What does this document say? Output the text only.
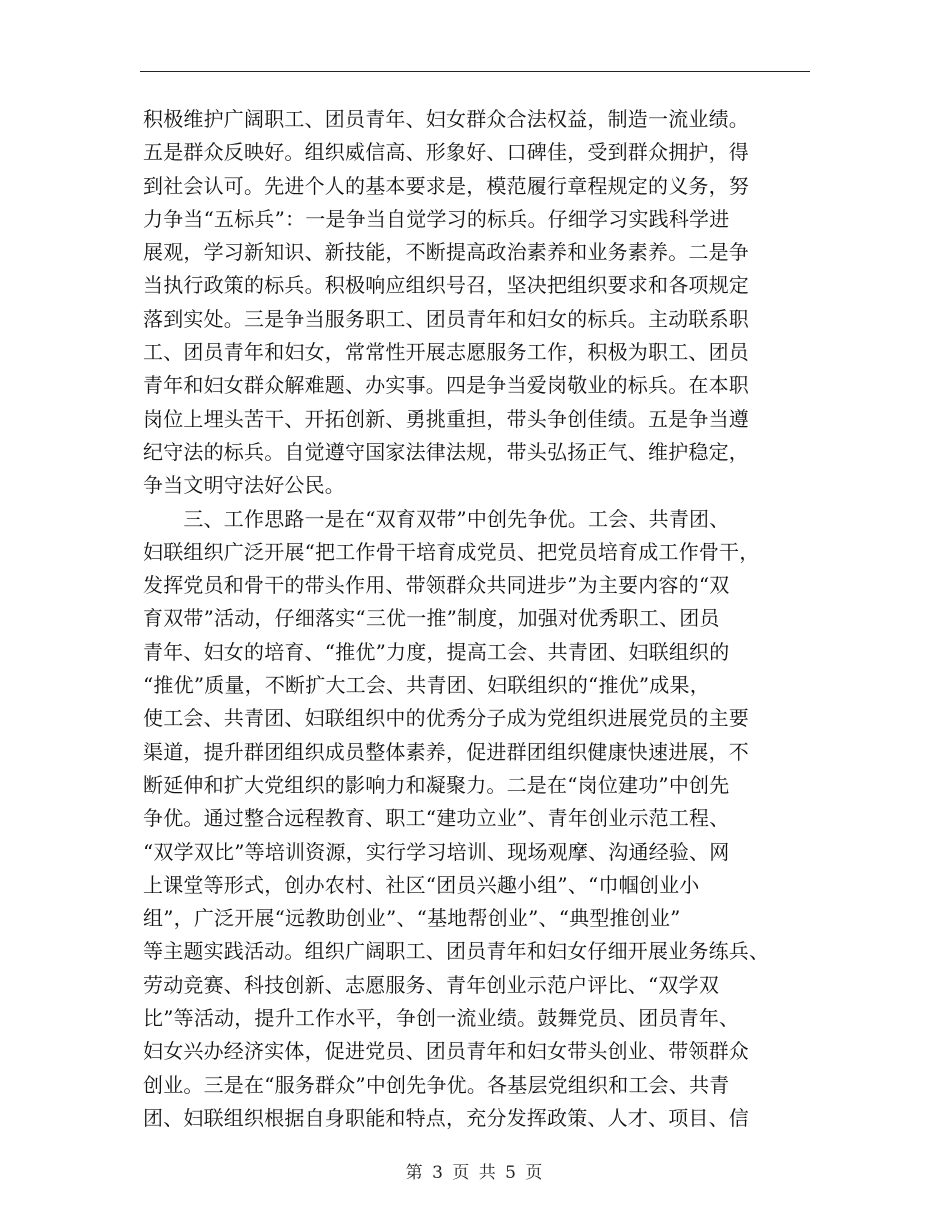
积极维护广阔职工、团员青年、妇女群众合法权益，制造一流业绩。
五是群众反映好。组织威信高、形象好、口碑佳，受到群众拥护，得
到社会认可。先进个人的基本要求是，模范履行章程规定的义务，努
力争当“五标兵”：一是争当自觉学习的标兵。仔细学习实践科学进
展观，学习新知识、新技能，不断提高政治素养和业务素养。二是争
当执行政策的标兵。积极响应组织号召，坚决把组织要求和各项规定
落到实处。三是争当服务职工、团员青年和妇女的标兵。主动联系职
工、团员青年和妇女，常常性开展志愿服务工作，积极为职工、团员
青年和妇女群众解难题、办实事。四是争当爱岗敬业的标兵。在本职
岗位上埋头苦干、开拓创新、勇挑重担，带头争创佳绩。五是争当遵
纪守法的标兵。自觉遵守国家法律法规，带头弘扬正气、维护稳定，
争当文明守法好公民。
　　三、工作思路一是在“双育双带”中创先争优。工会、共青团、
妇联组织广泛开展“把工作骨干培育成党员、把党员培育成工作骨干，
发挥党员和骨干的带头作用、带领群众共同进步”为主要内容的“双
育双带”活动，仔细落实“三优一推”制度，加强对优秀职工、团员
青年、妇女的培育、“推优”力度，提高工会、共青团、妇联组织的
“推优”质量，不断扩大工会、共青团、妇联组织的“推优”成果，
使工会、共青团、妇联组织中的优秀分子成为党组织进展党员的主要
渠道，提升群团组织成员整体素养，促进群团组织健康快速进展，不
断延伸和扩大党组织的影响力和凝聚力。二是在“岗位建功”中创先
争优。通过整合远程教育、职工“建功立业”、青年创业示范工程、
“双学双比”等培训资源，实行学习培训、现场观摩、沟通经验、网
上课堂等形式，创办农村、社区“团员兴趣小组”、“巾帼创业小
组”，广泛开展“远教助创业”、“基地帮创业”、“典型推创业”
等主题实践活动。组织广阔职工、团员青年和妇女仔细开展业务练兵、
劳动竞赛、科技创新、志愿服务、青年创业示范户评比、“双学双
比”等活动，提升工作水平，争创一流业绩。鼓舞党员、团员青年、
妇女兴办经济实体，促进党员、团员青年和妇女带头创业、带领群众
创业。三是在“服务群众”中创先争优。各基层党组织和工会、共青
团、妇联组织根据自身职能和特点，充分发挥政策、人才、项目、信
第 3 页 共 5 页
